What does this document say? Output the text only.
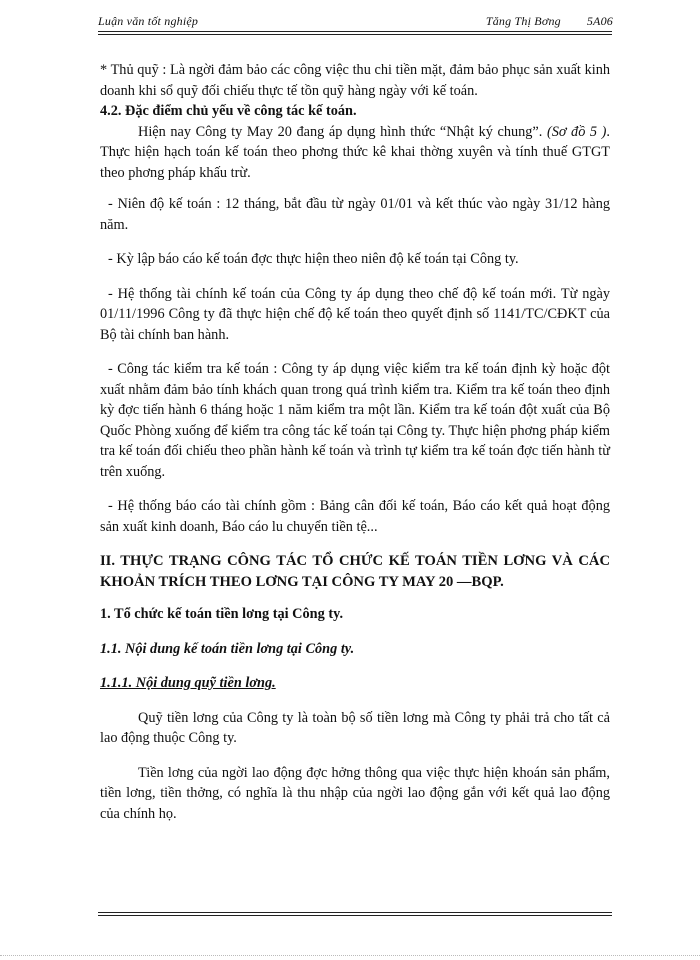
Luận văn tốt nghiệp	Tăng Thị Bơng 5A06

* Thủ quỹ : Là ngời đảm bảo các công việc thu chi tiền mặt, đảm bảo phục sản xuất kinh doanh khi sổ quỹ đối chiếu thực tế tồn quỹ hàng ngày với kế toán.

4.2. Đặc điểm chủ yếu về công tác kế toán.

Hiện nay Công ty May 20 đang áp dụng hình thức “Nhật ký chung”. (Sơ đồ 5 ). Thực hiện hạch toán kế toán theo phơng thức kê khai thờng xuyên và tính thuế GTGT theo phơng pháp khấu trừ.

- Niên độ kế toán : 12 tháng, bắt đầu từ ngày 01/01 và kết thúc vào ngày 31/12 hàng năm.

- Kỳ lập báo cáo kế toán đợc thực hiện theo niên độ kế toán tại Công ty.

- Hệ thống tài chính kế toán của Công ty áp dụng theo chế độ kế toán mới. Từ ngày 01/11/1996 Công ty đã thực hiện chế độ kế toán theo quyết định số 1141/TC/CĐKT của Bộ tài chính ban hành.

- Công tác kiểm tra kế toán : Công ty áp dụng việc kiểm tra kế toán định kỳ hoặc đột xuất nhằm đảm bảo tính khách quan trong quá trình kiểm tra. Kiểm tra kế toán theo định kỳ đợc tiến hành 6 tháng hoặc 1 năm kiểm tra một lần. Kiểm tra kế toán đột xuất của Bộ Quốc Phòng xuống để kiểm tra công tác kế toán tại Công ty. Thực hiện phơng pháp kiểm tra kế toán đối chiếu theo phần hành kế toán và trình tự kiểm tra kế toán đợc tiến hành từ trên xuống.

- Hệ thống báo cáo tài chính gồm : Bảng cân đối kế toán, Báo cáo kết quả hoạt động sản xuất kinh doanh, Báo cáo lu chuyển tiền tệ...

II. THỰC TRẠNG CÔNG TÁC TỔ CHỨC KẾ TOÁN TIỀN LƠNG VÀ CÁC KHOẢN TRÍCH THEO LƠNG TẠI CÔNG TY MAY 20 —BQP.

1. Tổ chức kế toán tiền lơng tại Công ty.

1.1. Nội dung kế toán tiền lơng tại Công ty.

1.1.1. Nội dung quỹ tiền lơng.

Quỹ tiền lơng của Công ty là toàn bộ số tiền lơng mà Công ty phải trả cho tất cả lao động thuộc Công ty.

Tiền lơng của ngời lao động đợc hởng thông qua việc thực hiện khoán sản phẩm, tiền lơng, tiền thởng, có nghĩa là thu nhập của ngời lao động gắn với kết quả lao động của chính họ.
